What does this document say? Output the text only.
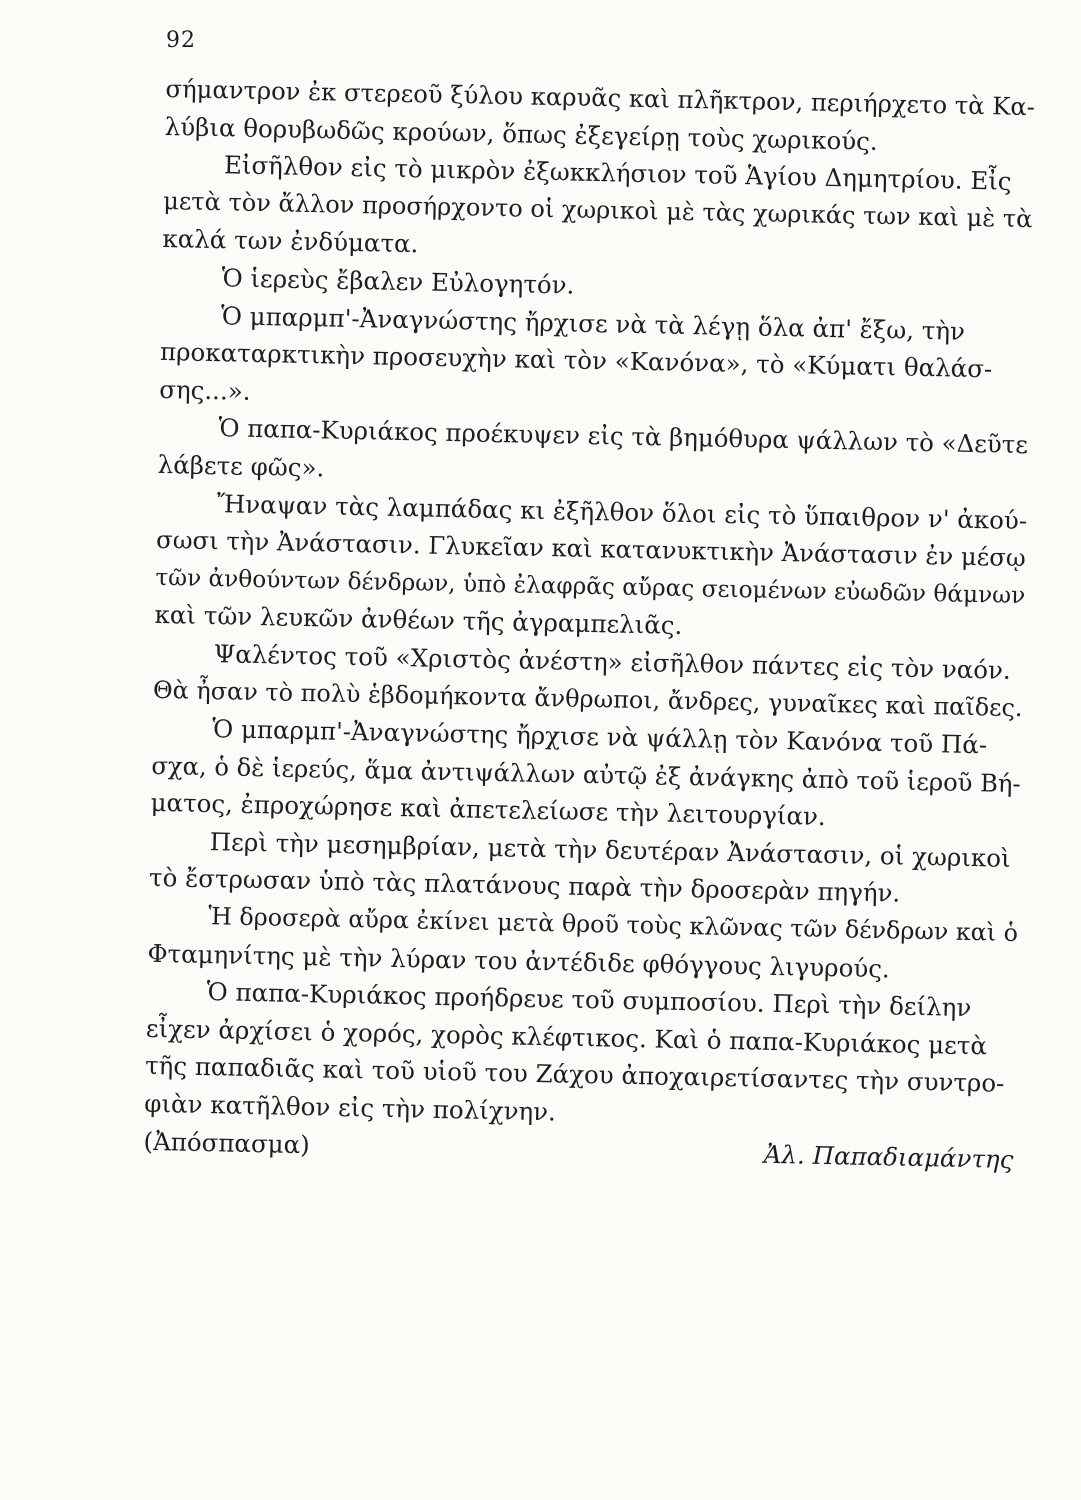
92
σήμαντρον ἐκ στερεοῦ ξύλου καρυᾶς καὶ πλῆκτρον, περιήρχετο τὰ Κα-
λύβια θορυβωδῶς κρούων, ὅπως ἐξεγείρῃ τοὺς χωρικούς.
Εἰσῆλθον εἰς τὸ μικρὸν ἐξωκκλήσιον τοῦ Ἁγίου Δημητρίου. Εἶς
μετὰ τὸν ἄλλον προσήρχοντο οἱ χωρικοὶ μὲ τὰς χωρικάς των καὶ μὲ τὰ
καλά των ἐνδύματα.
Ὁ ἱερεὺς ἔβαλεν Εὐλογητόν.
Ὁ μπαρμπ'-Ἀναγνώστης ἤρχισε νὰ τὰ λέγῃ ὅλα ἀπ' ἔξω, τὴν
προκαταρκτικὴν προσευχὴν καὶ τὸν «Κανόνα», τὸ «Κύματι θαλάσ-
σης...».
Ὁ παπα-Κυριάκος προέκυψεν εἰς τὰ βημόθυρα ψάλλων τὸ «Δεῦτε
λάβετε φῶς».
Ἤναψαν τὰς λαμπάδας κι ἐξῆλθον ὅλοι εἰς τὸ ὕπαιθρον ν' ἀκού-
σωσι τὴν Ἀνάστασιν. Γλυκεῖαν καὶ κατανυκτικὴν Ἀνάστασιν ἐν μέσῳ
τῶν ἀνθούντων δένδρων, ὑπὸ ἐλαφρᾶς αὔρας σειομένων εὐωδῶν θάμνων
καὶ τῶν λευκῶν ἀνθέων τῆς ἀγραμπελιᾶς.
Ψαλέντος τοῦ «Χριστὸς ἀνέστη» εἰσῆλθον πάντες εἰς τὸν ναόν.
Θὰ ἦσαν τὸ πολὺ ἑβδομήκοντα ἄνθρωποι, ἄνδρες, γυναῖκες καὶ παῖδες.
Ὁ μπαρμπ'-Ἀναγνώστης ἤρχισε νὰ ψάλλῃ τὸν Κανόνα τοῦ Πά-
σχα, ὁ δὲ ἱερεύς, ἅμα ἀντιψάλλων αὐτῷ ἐξ ἀνάγκης ἀπὸ τοῦ ἱεροῦ Βή-
ματος, ἐπροχώρησε καὶ ἀπετελείωσε τὴν λειτουργίαν.
Περὶ τὴν μεσημβρίαν, μετὰ τὴν δευτέραν Ἀνάστασιν, οἱ χωρικοὶ
τὸ ἔστρωσαν ὑπὸ τὰς πλατάνους παρὰ τὴν δροσερὰν πηγήν.
Ἡ δροσερὰ αὔρα ἐκίνει μετὰ θροῦ τοὺς κλῶνας τῶν δένδρων καὶ ὁ
Φταμηνίτης μὲ τὴν λύραν του ἀντέδιδε φθόγγους λιγυρούς.
Ὁ παπα-Κυριάκος προήδρευε τοῦ συμποσίου. Περὶ τὴν δείλην
εἶχεν ἀρχίσει ὁ χορός, χορὸς κλέφτικος. Καὶ ὁ παπα-Κυριάκος μετὰ
τῆς παπαδιᾶς καὶ τοῦ υἱοῦ του Ζάχου ἀποχαιρετίσαντες τὴν συντρο-
φιὰν κατῆλθον εἰς τὴν πολίχνην.
Ἀλ. Παπαδιαμάντης
(Ἀπόσπασμα)
